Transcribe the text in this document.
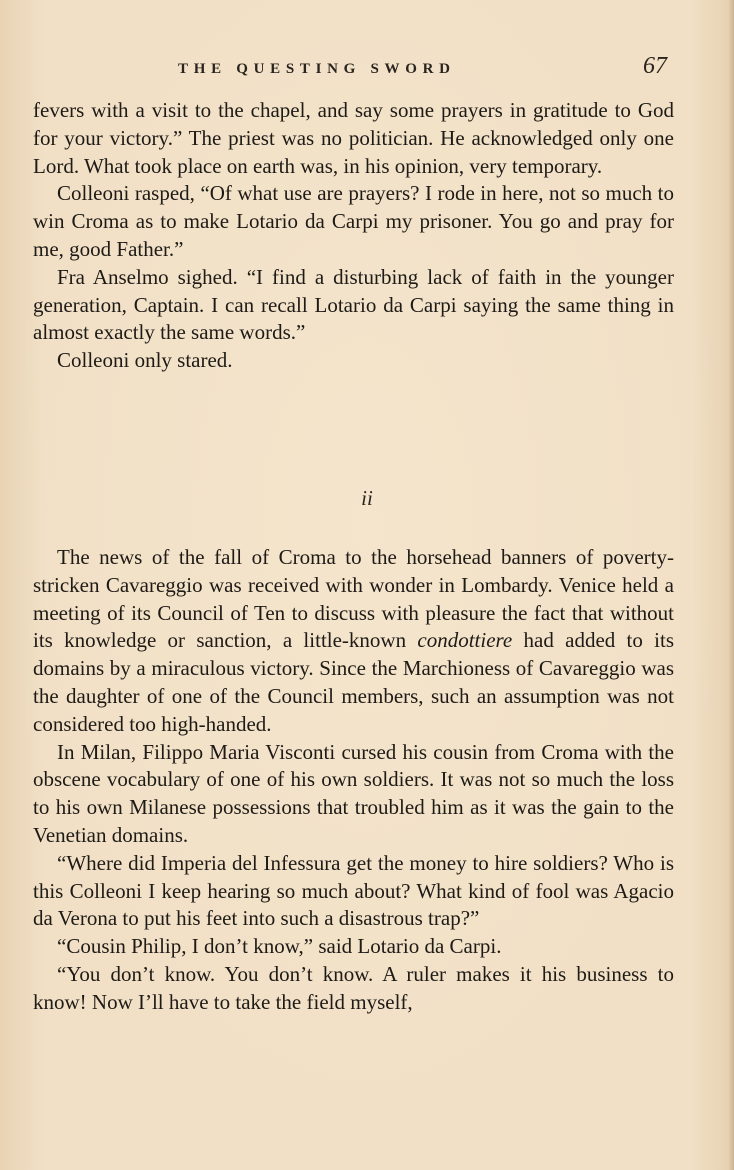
THE QUESTING SWORD	67

fevers with a visit to the chapel, and say some prayers in gratitude to God for your victory.” The priest was no politician. He acknowledged only one Lord. What took place on earth was, in his opinion, very temporary.

Colleoni rasped, “Of what use are prayers? I rode in here, not so much to win Croma as to make Lotario da Carpi my prisoner. You go and pray for me, good Father.”

Fra Anselmo sighed. “I find a disturbing lack of faith in the younger generation, Captain. I can recall Lotario da Carpi saying the same thing in almost exactly the same words.”

Colleoni only stared.

ii

The news of the fall of Croma to the horsehead banners of poverty-stricken Cavareggio was received with wonder in Lombardy. Venice held a meeting of its Council of Ten to discuss with pleasure the fact that without its knowledge or sanction, a little-known condottiere had added to its domains by a miraculous victory. Since the Marchioness of Cavareggio was the daughter of one of the Council members, such an assumption was not considered too high-handed.

In Milan, Filippo Maria Visconti cursed his cousin from Croma with the obscene vocabulary of one of his own soldiers. It was not so much the loss to his own Milanese possessions that troubled him as it was the gain to the Venetian domains.

“Where did Imperia del Infessura get the money to hire soldiers? Who is this Colleoni I keep hearing so much about? What kind of fool was Agacio da Verona to put his feet into such a disastrous trap?”

“Cousin Philip, I don’t know,” said Lotario da Carpi.

“You don’t know. You don’t know. A ruler makes it his business to know! Now I’ll have to take the field myself,
